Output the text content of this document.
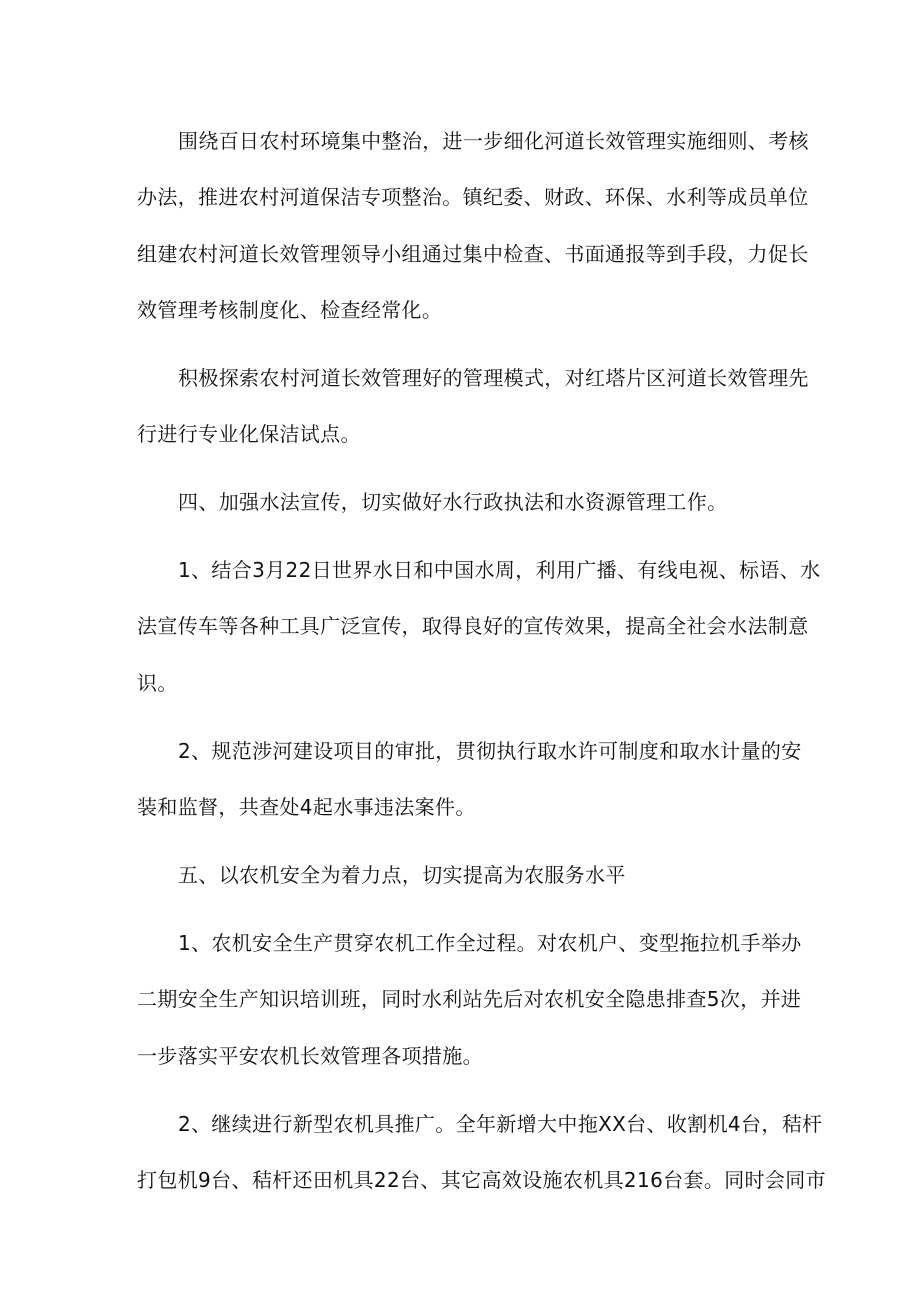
围绕百日农村环境集中整治，进一步细化河道长效管理实施细则、考核
办法，推进农村河道保洁专项整治。镇纪委、财政、环保、水利等成员单位
组建农村河道长效管理领导小组通过集中检查、书面通报等到手段，力促长
效管理考核制度化、检查经常化。
积极探索农村河道长效管理好的管理模式，对红塔片区河道长效管理先
行进行专业化保洁试点。
四、加强水法宣传，切实做好水行政执法和水资源管理工作。
1、结合3月22日世界水日和中国水周，利用广播、有线电视、标语、水
法宣传车等各种工具广泛宣传，取得良好的宣传效果，提高全社会水法制意
识。
2、规范涉河建设项目的审批，贯彻执行取水许可制度和取水计量的安
装和监督，共查处4起水事违法案件。
五、以农机安全为着力点，切实提高为农服务水平
1、农机安全生产贯穿农机工作全过程。对农机户、变型拖拉机手举办
二期安全生产知识培训班，同时水利站先后对农机安全隐患排查5次，并进
一步落实平安农机长效管理各项措施。
2、继续进行新型农机具推广。全年新增大中拖XX台、收割机4台，秸杆
打包机9台、秸杆还田机具22台、其它高效设施农机具216台套。同时会同市
